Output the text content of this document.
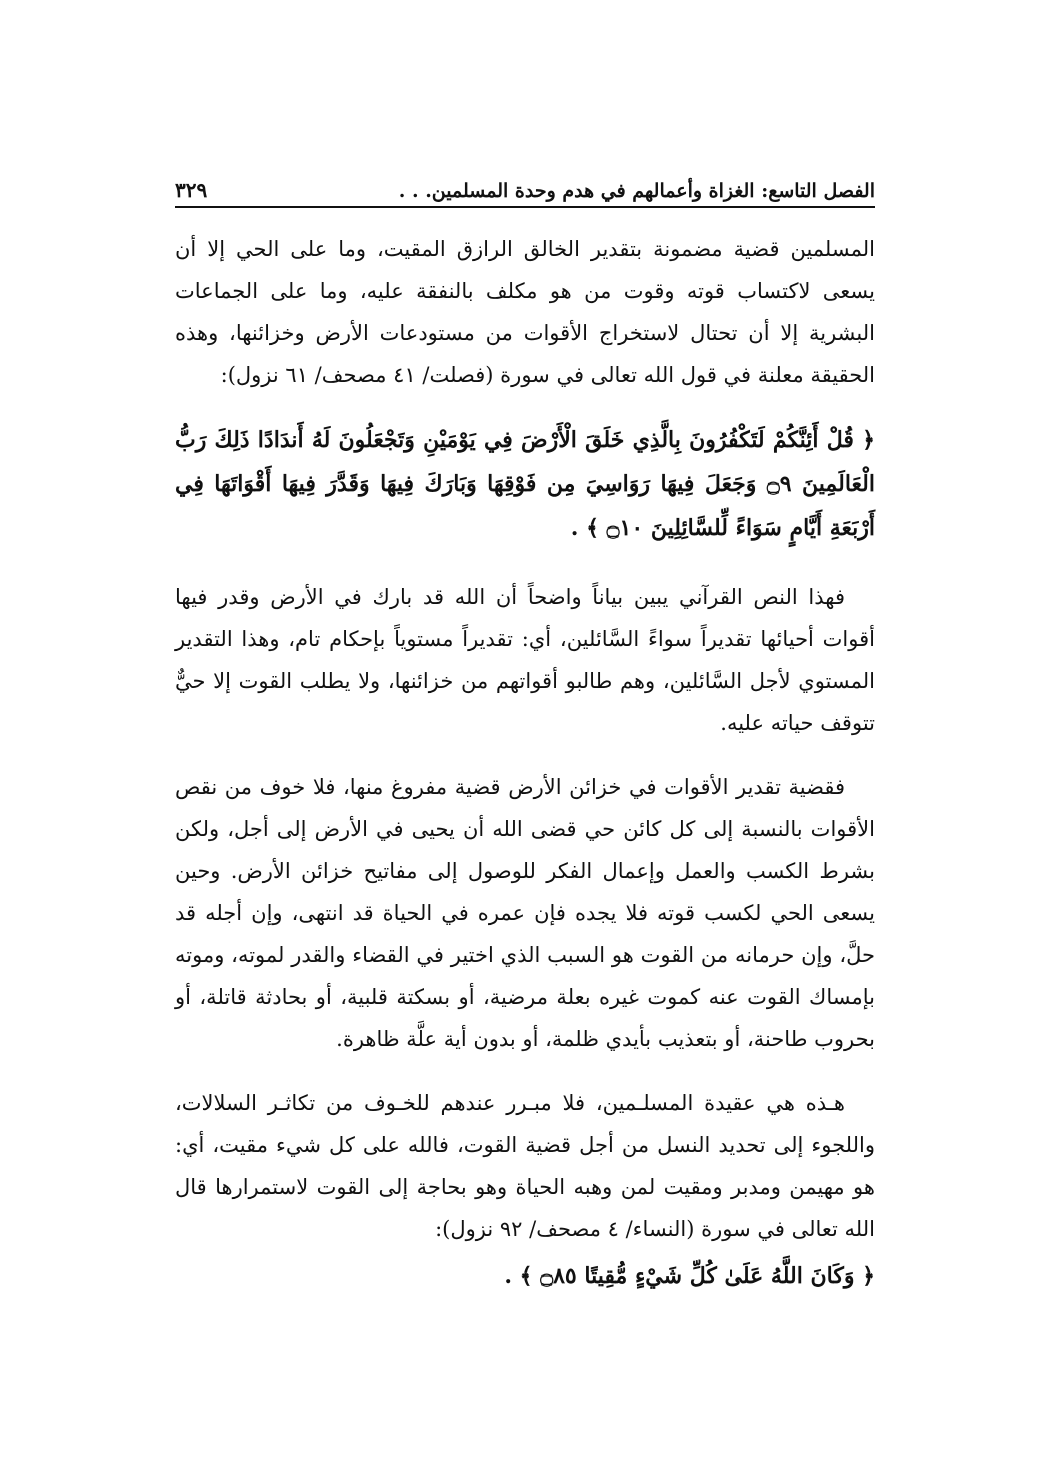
الفصل التاسع: الغزاة وأعمالهم في هدم وحدة المسلمين. . .
٣٢٩

المسلمين قضية مضمونة بتقدير الخالق الرازق المقيت، وما على الحي إلا أن يسعى لاكتساب قوته وقوت من هو مكلف بالنفقة عليه، وما على الجماعات البشرية إلا أن تحتال لاستخراج الأقوات من مستودعات الأرض وخزائنها، وهذه الحقيقة معلنة في قول الله تعالى في سورة (فصلت/ ٤١ مصحف/ ٦١ نزول):

﴿ قُلْ أَئِنَّكُمْ لَتَكْفُرُونَ بِالَّذِي خَلَقَ الْأَرْضَ فِي يَوْمَيْنِ وَتَجْعَلُونَ لَهُ أَندَادًا ذَلِكَ رَبُّ الْعَالَمِينَ ۝٩ وَجَعَلَ فِيهَا رَوَاسِيَ مِن فَوْقِهَا وَبَارَكَ فِيهَا وَقَدَّرَ فِيهَا أَقْوَاتَهَا فِي أَرْبَعَةِ أَيَّامٍ سَوَاءً لِّلسَّائِلِينَ ۝١٠ ﴾ .

فهذا النص القرآني يبين بياناً واضحاً أن الله قد بارك في الأرض وقدر فيها أقوات أحيائها تقديراً سواءً السَّائلين، أي: تقديراً مستوياً بإحكام تام، وهذا التقدير المستوي لأجل السَّائلين، وهم طالبو أقواتهم من خزائنها، ولا يطلب القوت إلا حيٌّ تتوقف حياته عليه.

فقضية تقدير الأقوات في خزائن الأرض قضية مفروغ منها، فلا خوف من نقص الأقوات بالنسبة إلى كل كائن حي قضى الله أن يحيى في الأرض إلى أجل، ولكن بشرط الكسب والعمل وإعمال الفكر للوصول إلى مفاتيح خزائن الأرض. وحين يسعى الحي لكسب قوته فلا يجده فإن عمره في الحياة قد انتهى، وإن أجله قد حلَّ، وإن حرمانه من القوت هو السبب الذي اختير في القضاء والقدر لموته، وموته بإمساك القوت عنه كموت غيره بعلة مرضية، أو بسكتة قلبية، أو بحادثة قاتلة، أو بحروب طاحنة، أو بتعذيب بأيدي ظلمة، أو بدون أية علَّة ظاهرة.

هـذه هي عقيدة المسلـمين، فلا مبـرر عندهم للخـوف من تكاثـر السلالات، واللجوء إلى تحديد النسل من أجل قضية القوت، فالله على كل شيء مقيت، أي: هو مهيمن ومدبر ومقيت لمن وهبه الحياة وهو بحاجة إلى القوت لاستمرارها قال الله تعالى في سورة (النساء/ ٤ مصحف/ ٩٢ نزول):

﴿ وَكَانَ اللَّهُ عَلَىٰ كُلِّ شَيْءٍ مُّقِيتًا ۝٨٥ ﴾ .
